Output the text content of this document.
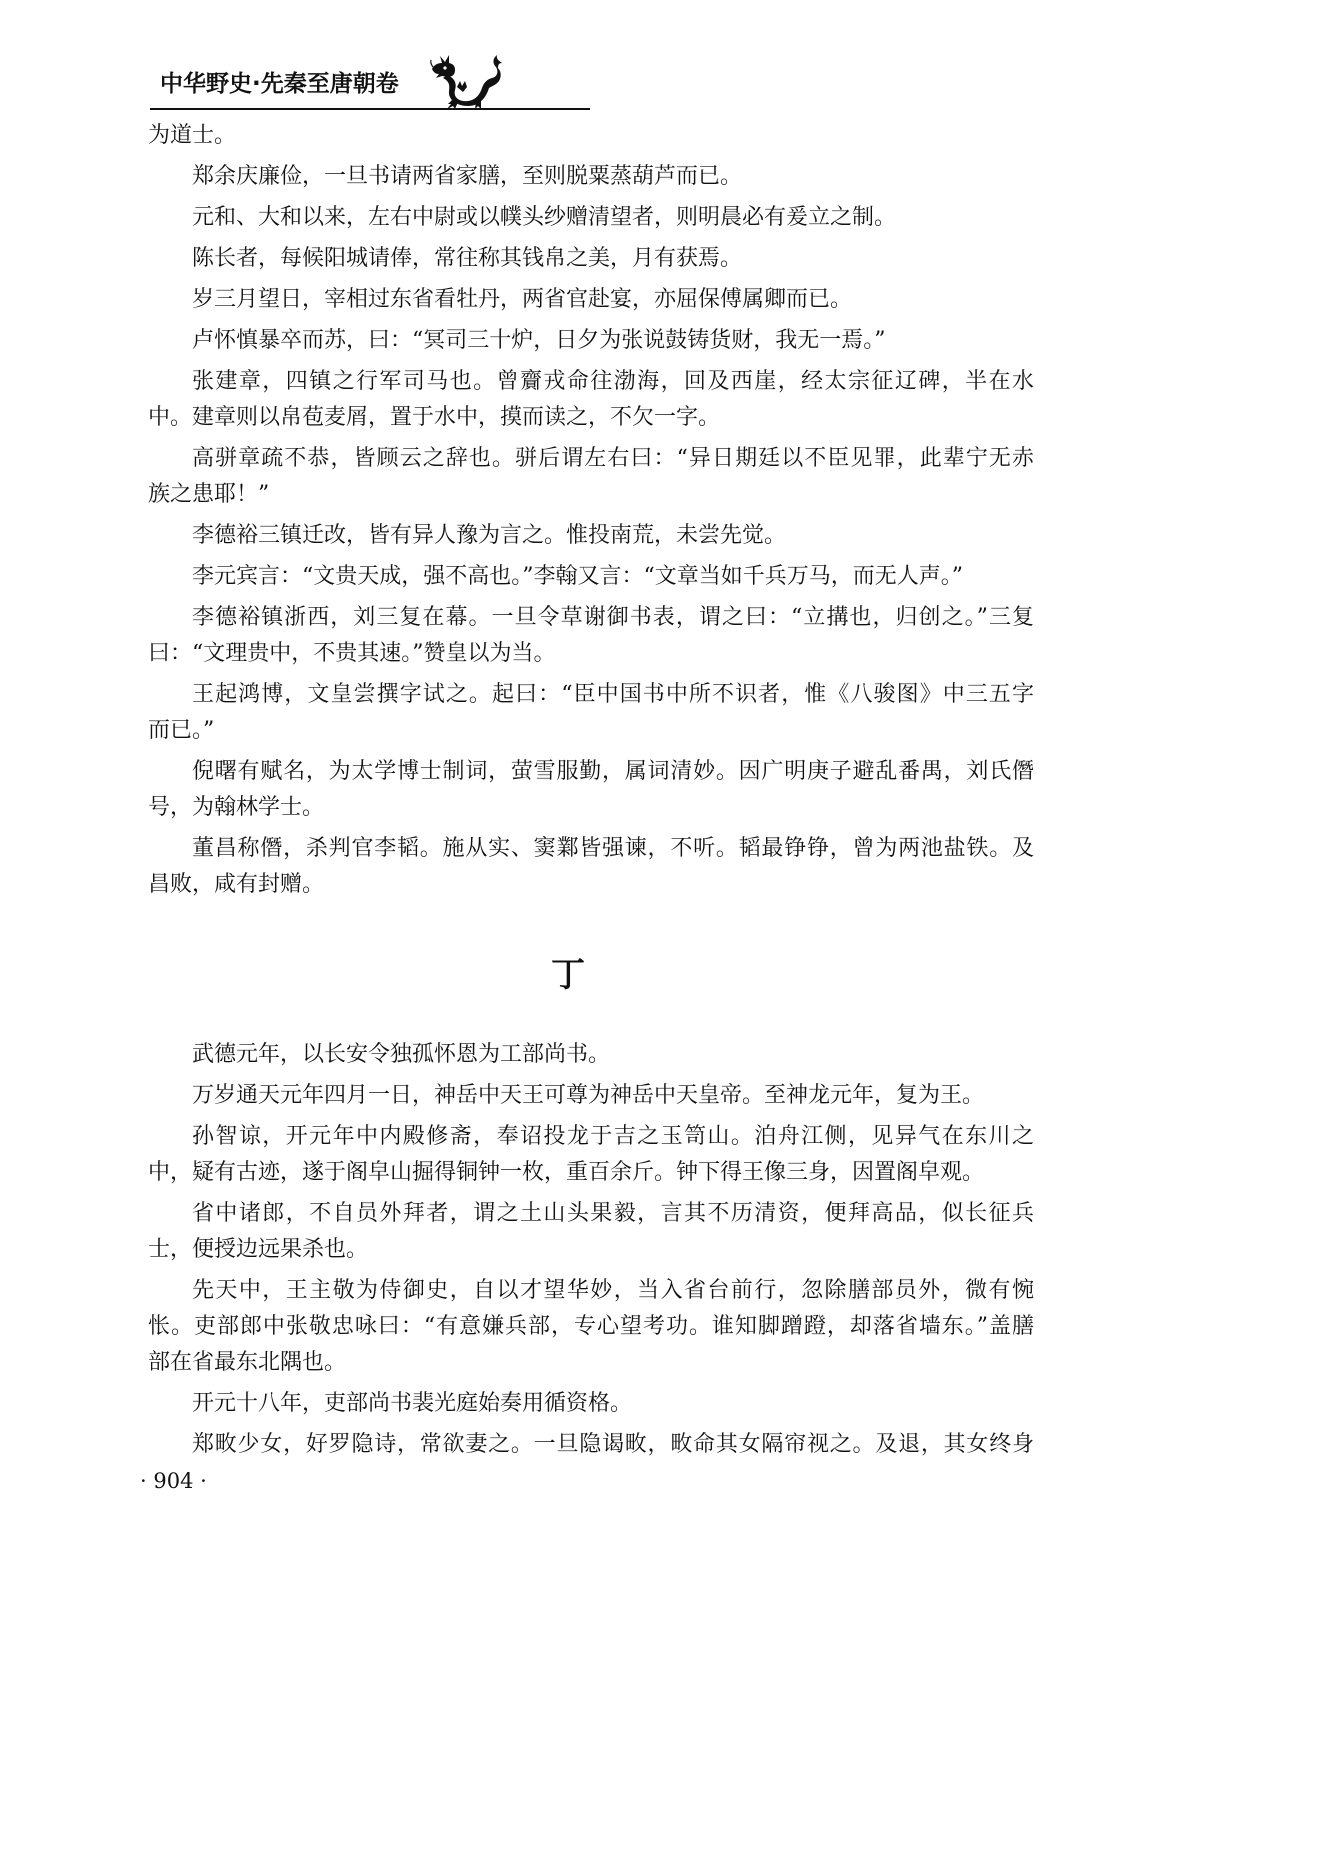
中华野史·先秦至唐朝卷
为道士。
郑余庆廉俭，一旦书请两省家膳，至则脱粟蒸葫芦而已。
元和、大和以来，左右中尉或以幞头纱赠清望者，则明晨必有爰立之制。
陈长者，每候阳城请俸，常往称其钱帛之美，月有获焉。
岁三月望日，宰相过东省看牡丹，两省官赴宴，亦屈保傅属卿而已。
卢怀慎暴卒而苏，曰：“冥司三十炉，日夕为张说鼓铸货财，我无一焉。”
张建章，四镇之行军司马也。曾齎戎命往渤海，回及西崖，经太宗征辽碑，半在水
中。建章则以帛苞麦屑，置于水中，摸而读之，不欠一字。
高骈章疏不恭，皆顾云之辞也。骈后谓左右曰：“异日期廷以不臣见罪，此辈宁无赤
族之患耶！”
李德裕三镇迁改，皆有异人豫为言之。惟投南荒，未尝先觉。
李元宾言：“文贵天成，强不高也。”李翰又言：“文章当如千兵万马，而无人声。”
李德裕镇浙西，刘三复在幕。一旦令草谢御书表，谓之曰：“立搆也，归创之。”三复
曰：“文理贵中，不贵其速。”赞皇以为当。
王起鸿博，文皇尝撰字试之。起曰：“臣中国书中所不识者，惟《八骏图》中三五字
而已。”
倪曙有赋名，为太学博士制词，萤雪服勤，属词清妙。因广明庚子避乱番禺，刘氏僭
号，为翰林学士。
董昌称僭，杀判官李韬。施从实、窦鄴皆强谏，不听。韬最铮铮，曾为两池盐铁。及
昌败，咸有封赠。
丁
武德元年，以长安令独孤怀恩为工部尚书。
万岁通天元年四月一日，神岳中天王可尊为神岳中天皇帝。至神龙元年，复为王。
孙智谅，开元年中内殿修斋，奉诏投龙于吉之玉笥山。泊舟江侧，见异气在东川之
中，疑有古迹，遂于阁皁山掘得铜钟一枚，重百余斤。钟下得王像三身，因置阁皁观。
省中诸郎，不自员外拜者，谓之土山头果毅，言其不历清资，便拜高品，似长征兵
士，便授边远果杀也。
先天中，王主敬为侍御史，自以才望华妙，当入省台前行，忽除膳部员外，微有惋
怅。吏部郎中张敬忠咏曰：“有意嫌兵部，专心望考功。谁知脚蹭蹬，却落省墙东。”盖膳
部在省最东北隅也。
开元十八年，吏部尚书裴光庭始奏用循资格。
郑畋少女，好罗隐诗，常欲妻之。一旦隐谒畋，畋命其女隔帘视之。及退，其女终身
· 904 ·
